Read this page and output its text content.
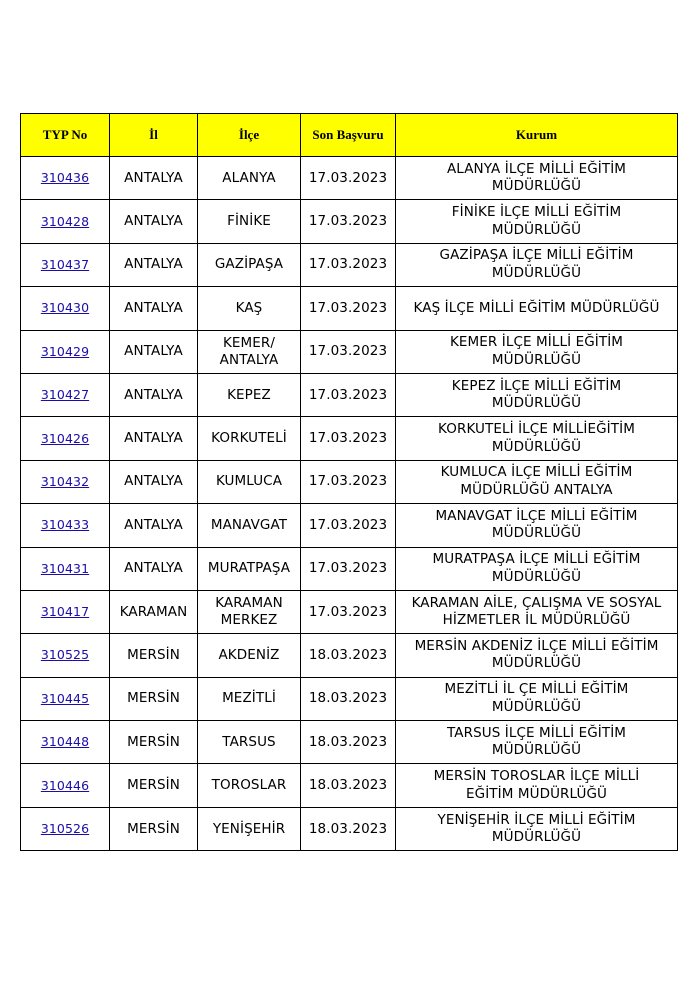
TYP No	İl	İlçe	Son Başvuru	Kurum
310436	ANTALYA	ALANYA	17.03.2023	ALANYA İLÇE MİLLİ EĞİTİM
MÜDÜRLÜĞÜ
310428	ANTALYA	FİNİKE	17.03.2023	FİNİKE İLÇE MİLLİ EĞİTİM
MÜDÜRLÜĞÜ
310437	ANTALYA	GAZİPAŞA	17.03.2023	GAZİPAŞA İLÇE MİLLİ EĞİTİM
MÜDÜRLÜĞÜ
310430	ANTALYA	KAŞ	17.03.2023	KAŞ İLÇE MİLLİ EĞİTİM MÜDÜRLÜĞÜ
310429	ANTALYA	KEMER/
ANTALYA	17.03.2023	KEMER İLÇE MİLLİ EĞİTİM
MÜDÜRLÜĞÜ
310427	ANTALYA	KEPEZ	17.03.2023	KEPEZ İLÇE MİLLİ EĞİTİM
MÜDÜRLÜĞÜ
310426	ANTALYA	KORKUTELİ	17.03.2023	KORKUTELİ İLÇE MİLLİEĞİTİM
MÜDÜRLÜĞÜ
310432	ANTALYA	KUMLUCA	17.03.2023	KUMLUCA İLÇE MİLLİ EĞİTİM
MÜDÜRLÜĞÜ ANTALYA
310433	ANTALYA	MANAVGAT	17.03.2023	MANAVGAT İLÇE MİLLİ EĞİTİM
MÜDÜRLÜĞÜ
310431	ANTALYA	MURATPAŞA	17.03.2023	MURATPAŞA İLÇE MİLLİ EĞİTİM
MÜDÜRLÜĞÜ
310417	KARAMAN	KARAMAN
MERKEZ	17.03.2023	KARAMAN AİLE, ÇALIŞMA VE SOSYAL
HİZMETLER İL MÜDÜRLÜĞÜ
310525	MERSİN	AKDENİZ	18.03.2023	MERSİN AKDENİZ İLÇE MİLLİ EĞİTİM
MÜDÜRLÜĞÜ
310445	MERSİN	MEZİTLİ	18.03.2023	MEZİTLİ İL ÇE MİLLİ EĞİTİM
MÜDÜRLÜĞÜ
310448	MERSİN	TARSUS	18.03.2023	TARSUS İLÇE MİLLİ EĞİTİM
MÜDÜRLÜĞÜ
310446	MERSİN	TOROSLAR	18.03.2023	MERSİN TOROSLAR İLÇE MİLLİ
EĞİTİM MÜDÜRLÜĞÜ
310526	MERSİN	YENİŞEHİR	18.03.2023	YENİŞEHİR İLÇE MİLLİ EĞİTİM
MÜDÜRLÜĞÜ
